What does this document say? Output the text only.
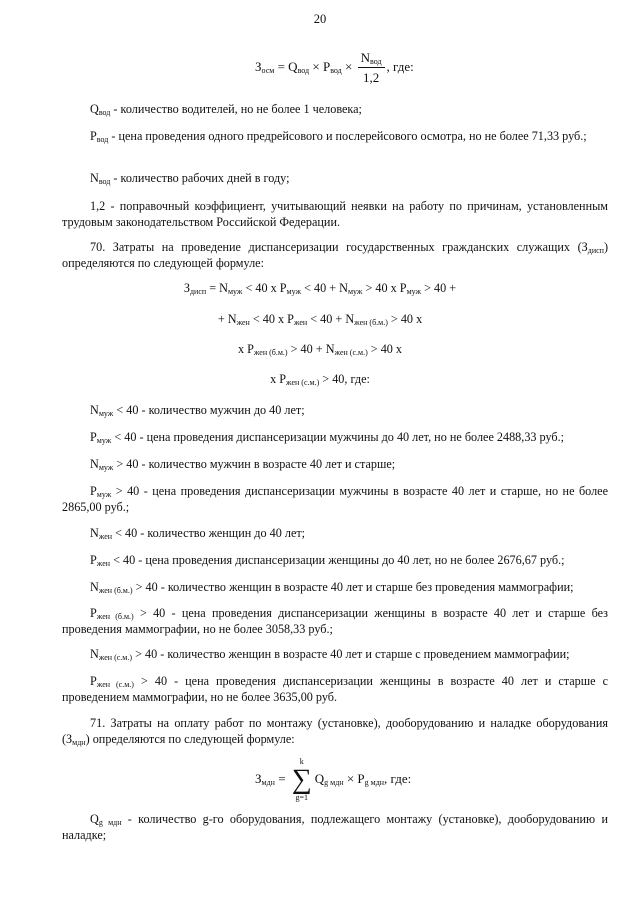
20
$З_{осм} = Q_{вод} \times P_{вод} \times \frac{N_{вод}}{1,2}$ , где:
$Q_{вод}$ - количество водителей, но не более 1 человека;
$P_{вод}$ - цена проведения одного предрейсового и послерейсового осмотра, но не более 71,33 руб.;
$N_{вод}$ - количество рабочих дней в году;
1,2 - поправочный коэффициент, учитывающий неявки на работу по причинам, установленным трудовым законодательством Российской Федерации.
70. Затраты на проведение диспансеризации государственных гражданских служащих $(З_{дисп})$ определяются по следующей формуле:
$З_{дисп} = N_{муж} < 40$ x $P_{муж} < 40 + N_{муж} > 40$ x $P_{муж} > 40$ +
+ $N_{жен} < 40$ x $P_{жен} < 40 + N_{жен (б.м.)} > 40$ x
x $P_{жен (б.м.)} > 40 + N_{жен (с.м.)} > 40$ x
x $P_{жен (с.м.)} > 40$, где:
$N_{муж} < 40$ - количество мужчин до 40 лет;
$P_{муж} < 40$ - цена проведения диспансеризации мужчины до 40 лет, но не более 2488,33 руб.;
$N_{муж} > 40$ - количество мужчин в возрасте 40 лет и старше;
$P_{муж} > 40$ - цена проведения диспансеризации мужчины в возрасте 40 лет и старше, но не более 2865,00 руб.;
$N_{жен} < 40$ - количество женщин до 40 лет;
$P_{жен} < 40$ - цена проведения диспансеризации женщины до 40 лет, но не более 2676,67 руб.;
$N_{жен (б.м.)} > 40$ - количество женщин в возрасте 40 лет и старше без проведения маммографии;
$P_{жен (б.м.)} > 40$ - цена проведения диспансеризации женщины в возрасте 40 лет и старше без проведения маммографии, но не более 3058,33 руб.;
$N_{жен (с.м.)} > 40$ - количество женщин в возрасте 40 лет и старше с проведением маммографии;
$P_{жен (с.м.)} > 40$ - цена проведения диспансеризации женщины в возрасте 40 лет и старше с проведением маммографии, но не более 3635,00 руб.
71. Затраты на оплату работ по монтажу (установке), дооборудованию и наладке оборудования $(З_{мдн})$ определяются по следующей формуле:
$З_{мдн}$ =
k
∑
g=1
$Q_{g мдн} \times P_{g мдн}$, где:
$Q_{g мдн}$ - количество g-го оборудования, подлежащего монтажу (установке), дооборудованию и наладке;
